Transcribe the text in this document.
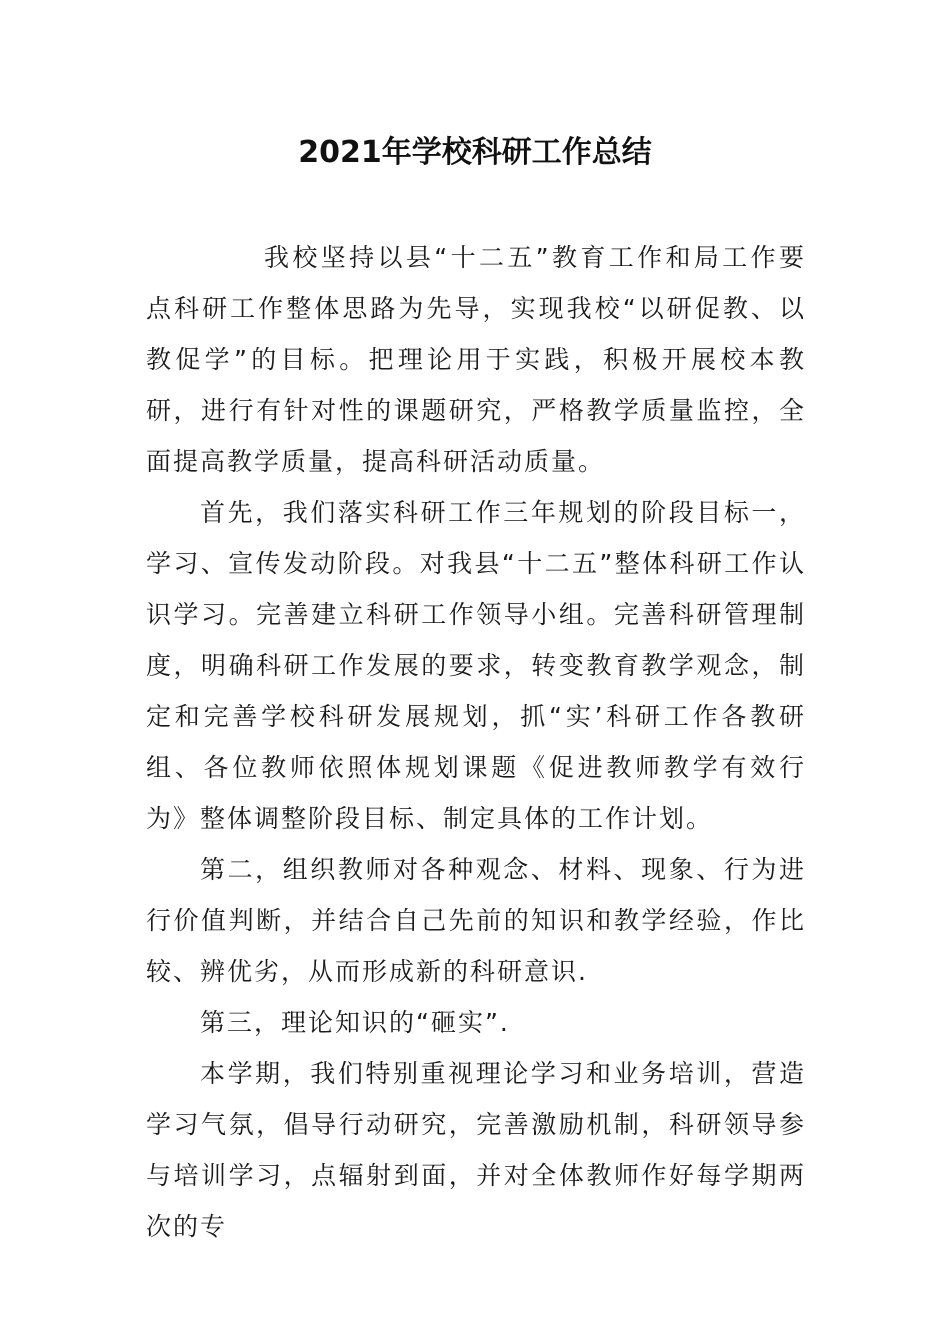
2021年学校科研工作总结

我校坚持以县“十二五”教育工作和局工作要点科研工作整体思路为先导，实现我校“以研促教、以教促学”的目标。把理论用于实践，积极开展校本教研，进行有针对性的课题研究，严格教学质量监控，全面提高教学质量，提高科研活动质量。

首先，我们落实科研工作三年规划的阶段目标一，学习、宣传发动阶段。对我县“十二五”整体科研工作认识学习。完善建立科研工作领导小组。完善科研管理制度，明确科研工作发展的要求，转变教育教学观念，制定和完善学校科研发展规划，抓“实’科研工作各教研组、各位教师依照体规划课题《促进教师教学有效行为》整体调整阶段目标、制定具体的工作计划。

第二，组织教师对各种观念、材料、现象、行为进行价值判断，并结合自己先前的知识和教学经验，作比较、辨优劣，从而形成新的科研意识.

第三，理论知识的“砸实”.

本学期，我们特别重视理论学习和业务培训，营造学习气氛，倡导行动研究，完善激励机制，科研领导参与培训学习，点辐射到面，并对全体教师作好每学期两次的专
